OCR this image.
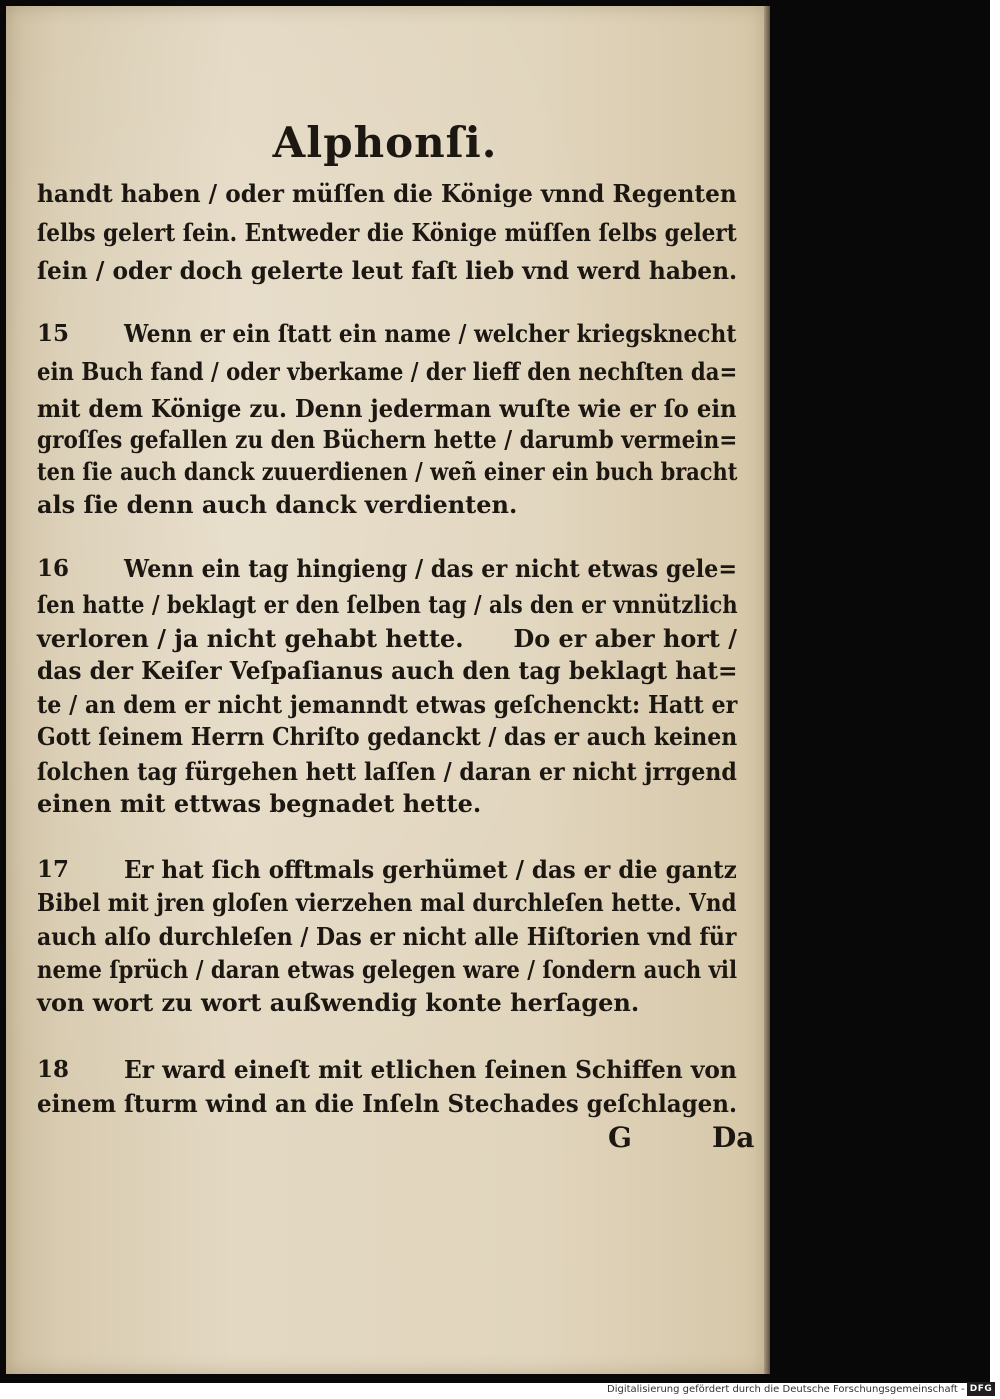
Alphonſi.
handt haben / oder müſſen die Könige vnnd Regenten
ſelbs gelert ſein. Entweder die Könige müſſen ſelbs gelert
ſein / oder doch gelerte leut faſt lieb vnd werd haben.
15 Wenn er ein ſtatt ein name / welcher kriegsknecht
ein Buch fand / oder vberkame / der lieff den nechſten da=
mit dem Könige zu. Denn jederman wuſte wie er ſo ein
groſſes gefallen zu den Büchern hette / darumb vermein=
ten ſie auch danck zuuerdienen / weñ einer ein buch bracht
als ſie denn auch danck verdienten.
16 Wenn ein tag hingieng / das er nicht etwas gele=
ſen hatte / beklagt er den ſelben tag / als den er vnnützlich
verloren / ja nicht gehabt hette.      Do er aber hort /
das der Keiſer Veſpaſianus auch den tag beklagt hat=
te / an dem er nicht jemanndt etwas geſchenckt: Hatt er
Gott ſeinem Herrn Chriſto gedanckt / das er auch keinen
ſolchen tag fürgehen hett laſſen / daran er nicht jrrgend
einen mit ettwas begnadet hette.
17 Er hat ſich offtmals gerhümet / das er die gantz
Bibel mit jren gloſen vierzehen mal durchleſen hette. Vnd
auch alſo durchleſen / Das er nicht alle Hiſtorien vnd für
neme ſprüch / daran etwas gelegen ware / ſondern auch vil
von wort zu wort außwendig konte herſagen.
18 Er ward eineſt mit etlichen ſeinen Schiffen von
einem ſturm wind an die Inſeln Stechades geſchlagen.
G	Da
Digitalisierung gefördert durch die Deutsche Forschungsgemeinschaft - DFG
